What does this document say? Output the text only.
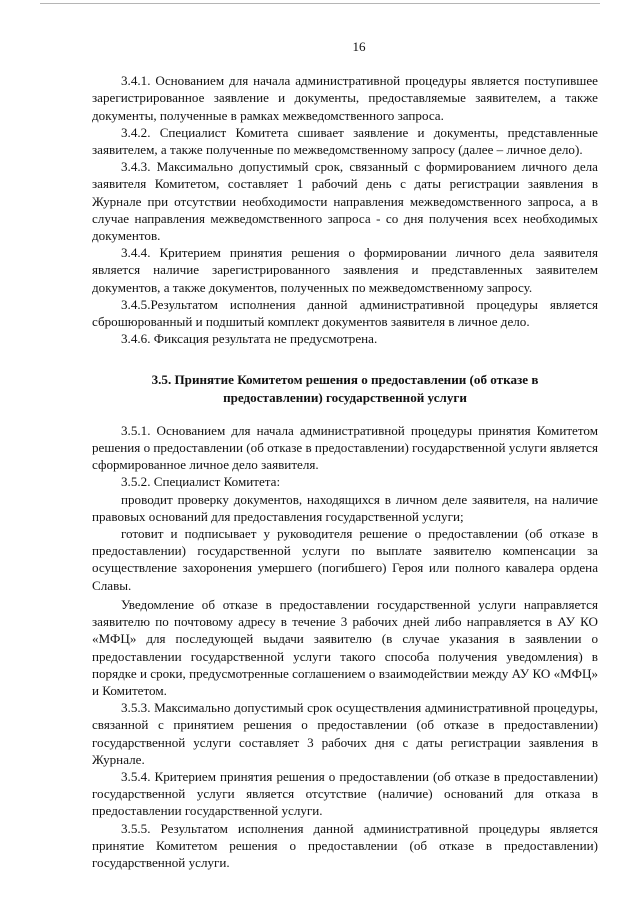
16

3.4.1. Основанием для начала административной процедуры является поступившее зарегистрированное заявление и документы, предоставляемые заявителем, а также документы, полученные в рамках межведомственного запроса.

3.4.2. Специалист Комитета сшивает заявление и документы, представленные заявителем, а также полученные по межведомственному запросу (далее – личное дело).

3.4.3. Максимально допустимый срок, связанный с формированием личного дела заявителя Комитетом, составляет 1 рабочий день с даты регистрации заявления в Журнале при отсутствии необходимости направления межведомственного запроса, а в случае направления межведомственного запроса - со дня получения всех необходимых документов.

3.4.4. Критерием принятия решения о формировании личного дела заявителя является наличие зарегистрированного заявления и представленных заявителем документов, а также документов, полученных по межведомственному запросу.

3.4.5.Результатом исполнения данной административной процедуры является сброшюрованный и подшитый комплект документов заявителя в личное дело.

3.4.6. Фиксация результата не предусмотрена.

3.5. Принятие Комитетом решения о предоставлении (об отказе в предоставлении) государственной услуги

3.5.1. Основанием для начала административной процедуры принятия Комитетом решения о предоставлении (об отказе в предоставлении) государственной услуги является сформированное личное дело заявителя.

3.5.2. Специалист Комитета:

проводит проверку документов, находящихся в личном деле заявителя, на наличие правовых оснований для предоставления государственной услуги;

готовит и подписывает у руководителя решение о предоставлении (об отказе в предоставлении) государственной услуги по выплате заявителю компенсации за осуществление захоронения умершего (погибшего) Героя или полного кавалера ордена Славы.

Уведомление об отказе в предоставлении государственной услуги направляется заявителю по почтовому адресу в течение 3 рабочих дней либо направляется в АУ КО «МФЦ» для последующей выдачи заявителю (в случае указания в заявлении о предоставлении государственной услуги такого способа получения уведомления) в порядке и сроки, предусмотренные соглашением о взаимодействии между АУ КО «МФЦ» и Комитетом.

3.5.3. Максимально допустимый срок осуществления административной процедуры, связанной с принятием решения о предоставлении (об отказе в предоставлении) государственной услуги составляет 3 рабочих дня с даты регистрации заявления в Журнале.

3.5.4. Критерием принятия решения о предоставлении (об отказе в предоставлении) государственной услуги является отсутствие (наличие) оснований для отказа в предоставлении государственной услуги.

3.5.5. Результатом исполнения данной административной процедуры является принятие Комитетом решения о предоставлении (об отказе в предоставлении) государственной услуги.
